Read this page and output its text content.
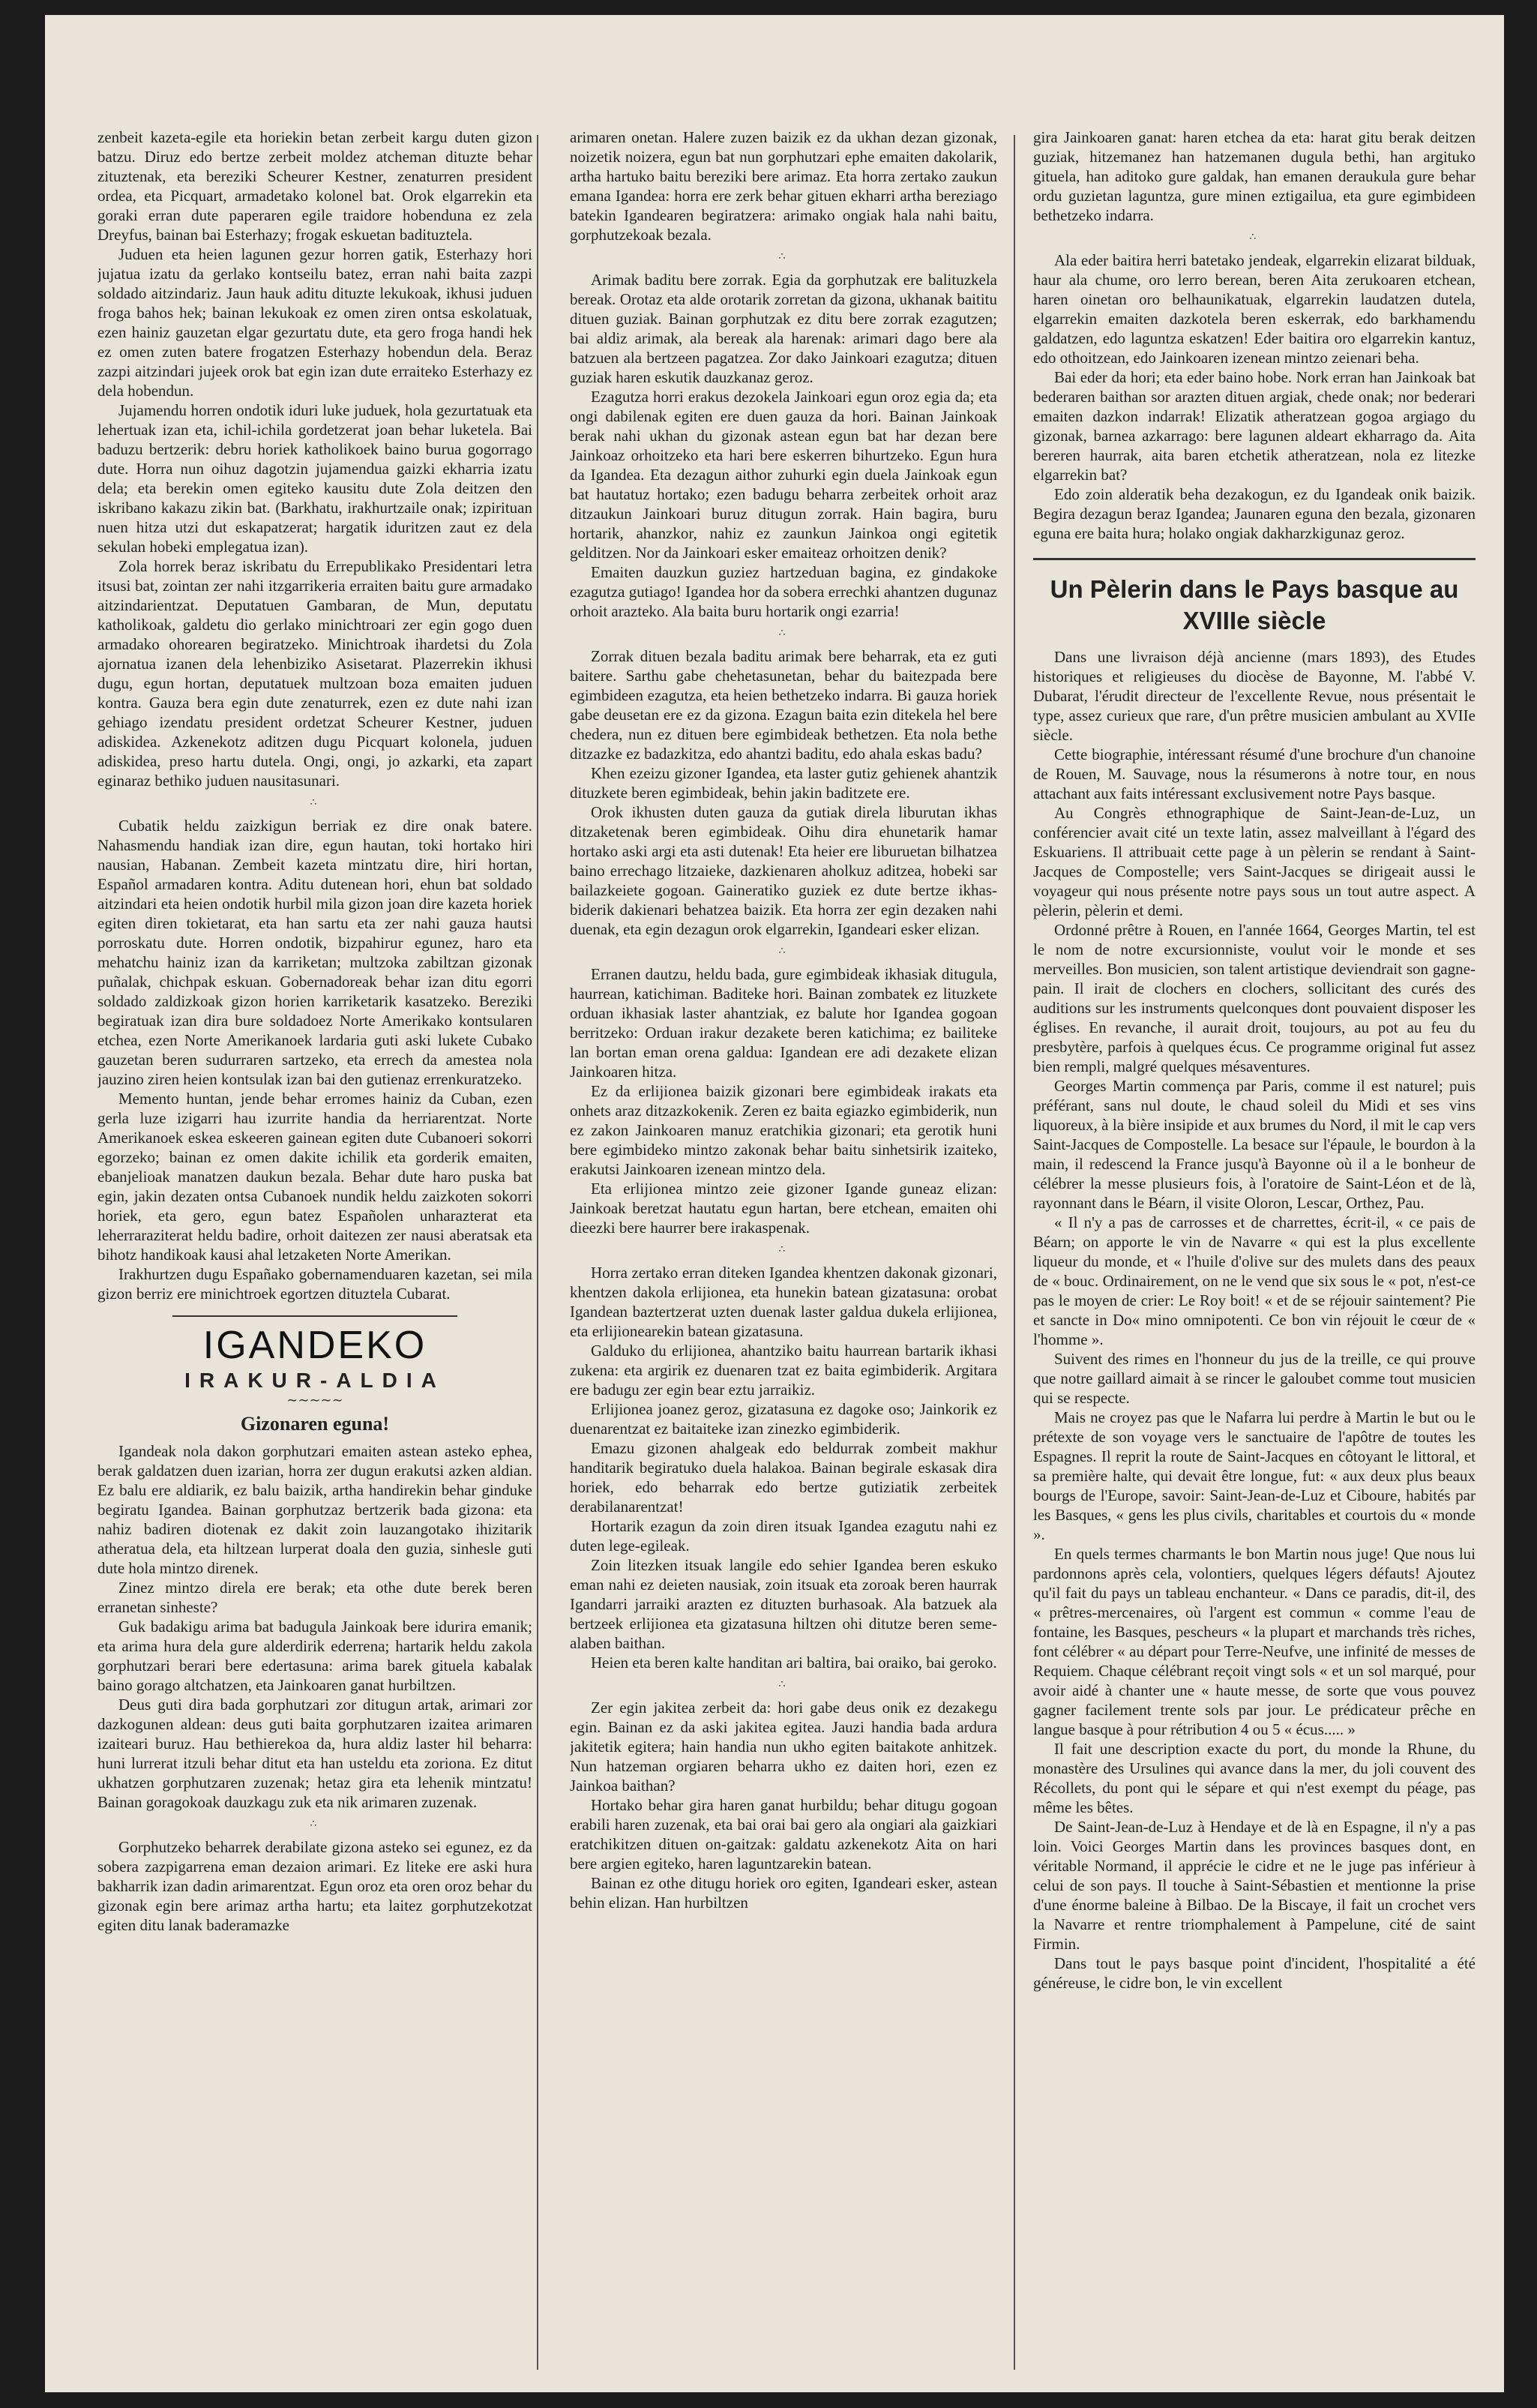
zenbeit kazeta-egile eta horiekin betan zerbeit kargu duten gizon batzu. Diruz edo bertze zerbeit moldez atcheman dituzte behar zituztenak, eta bereziki Scheurer Kestner, zenaturren president ordea, eta Picquart, armadetako kolonel bat. Orok elgarrekin eta goraki erran dute paperaren egile traidore hobenduna ez zela Dreyfus, bainan bai Esterhazy; frogak eskuetan badituztela.

Juduen eta heien lagunen gezur horren gatik, Esterhazy hori jujatua izatu da gerlako kontseilu batez, erran nahi baita zazpi soldado aitzindariz. Jaun hauk aditu dituzte lekukoak, ikhusi juduen froga bahos hek; bainan lekukoak ez omen ziren ontsa eskolatuak, ezen hainiz gauzetan elgar gezurtatu dute, eta gero froga handi hek ez omen zuten batere frogatzen Esterhazy hobendun dela. Beraz zazpi aitzindari jujeek orok bat egin izan dute erraiteko Esterhazy ez dela hobendun.

Jujamendu horren ondotik iduri luke juduek, hola gezurtatuak eta lehertuak izan eta, ichil-ichila gordetzerat joan behar luketela. Bai baduzu bertzerik: debru horiek katholikoek baino burua gogorrago dute. Horra nun oihuz dagotzin jujamendua gaizki ekharria izatu dela; eta berekin omen egiteko kausitu dute Zola deitzen den iskribano kakazu zikin bat. (Barkhatu, irakhurtzaile onak; izpirituan nuen hitza utzi dut eskapatzerat; hargatik iduritzen zaut ez dela sekulan hobeki emplegatua izan).

Zola horrek beraz iskribatu du Errepublikako Presidentari letra itsusi bat, zointan zer nahi itzgarrikeria erraiten baitu gure armadako aitzindarientzat. Deputatuen Gambaran, de Mun, deputatu katholikoak, galdetu dio gerlako minichtroari zer egin gogo duen armadako ohorearen begiratzeko. Minichtroak ihardetsi du Zola ajornatua izanen dela lehenbiziko Asisetarat. Plazerrekin ikhusi dugu, egun hortan, deputatuek multzoan boza emaiten juduen kontra. Gauza bera egin dute zenaturrek, ezen ez dute nahi izan gehiago izendatu president ordetzat Scheurer Kestner, juduen adiskidea. Azkenekotz aditzen dugu Picquart kolonela, juduen adiskidea, preso hartu dutela. Ongi, ongi, jo azkarki, eta zapart eginaraz bethiko juduen nausitasunari.

∴

Cubatik heldu zaizkigun berriak ez dire onak batere. Nahasmendu handiak izan dire, egun hautan, toki hortako hiri nausian, Habanan. Zembeit kazeta mintzatu dire, hiri hortan, Español armadaren kontra. Aditu dutenean hori, ehun bat soldado aitzindari eta heien ondotik hurbil mila gizon joan dire kazeta horiek egiten diren tokietarat, eta han sartu eta zer nahi gauza hautsi porroskatu dute. Horren ondotik, bizpahirur egunez, haro eta mehatchu hainiz izan da karriketan; multzoka zabiltzan gizonak puñalak, chichpak eskuan. Gobernadoreak behar izan ditu egorri soldado zaldizkoak gizon horien karriketarik kasatzeko. Bereziki begiratuak izan dira bure soldadoez Norte Amerikako kontsularen etchea, ezen Norte Amerikanoek lardaria guti aski lukete Cubako gauzetan beren sudurraren sartzeko, eta errech da amestea nola jauzino ziren heien kontsulak izan bai den gutienaz errenkuratzeko.

Memento huntan, jende behar erromes hainiz da Cuban, ezen gerla luze izigarri hau izurrite handia da herriarentzat. Norte Amerikanoek eskea eskeeren gainean egiten dute Cubanoeri sokorri egorzeko; bainan ez omen dakite ichilik eta gorderik emaiten, ebanjelioak manatzen daukun bezala. Behar dute haro puska bat egin, jakin dezaten ontsa Cubanoek nundik heldu zaizkoten sokorri horiek, eta gero, egun batez Españolen unharazterat eta leherraraziterat heldu badire, orhoit daitezen zer nausi aberatsak eta bihotz handikoak kausi ahal letzaketen Norte Amerikan.

Irakhurtzen dugu Españako gobernamenduaren kazetan, sei mila gizon berriz ere minichtroek egortzen dituztela Cubarat.

IGANDEKO
IRAKUR-ALDIA
∼∼∼∼∼
Gizonaren eguna!

Igandeak nola dakon gorphutzari emaiten astean asteko ephea, berak galdatzen duen izarian, horra zer dugun erakutsi azken aldian. Ez balu ere aldiarik, ez balu baizik, artha handirekin behar ginduke begiratu Igandea. Bainan gorphutzaz bertzerik bada gizona: eta nahiz badiren diotenak ez dakit zoin lauzangotako ihizitarik atheratua dela, eta hiltzean lurperat doala den guzia, sinhesle guti dute hola mintzo direnek.

Zinez mintzo direla ere berak; eta othe dute berek beren erranetan sinheste?

Guk badakigu arima bat badugula Jainkoak bere idurira emanik; eta arima hura dela gure alderdirik ederrena; hartarik heldu zakola gorphutzari berari bere edertasuna: arima barek gituela kabalak baino gorago altchatzen, eta Jainkoaren ganat hurbiltzen.

Deus guti dira bada gorphutzari zor ditugun artak, arimari zor dazkogunen aldean: deus guti baita gorphutzaren izaitea arimaren izaiteari buruz. Hau bethierekoa da, hura aldiz laster hil beharra: huni lurrerat itzuli behar ditut eta han usteldu eta zoriona. Ez ditut ukhatzen gorphutzaren zuzenak; hetaz gira eta lehenik mintzatu! Bainan goragokoak dauzkagu zuk eta nik arimaren zuzenak.

∴

Gorphutzeko beharrek derabilate gizona asteko sei egunez, ez da sobera zazpigarrena eman dezaion arimari. Ez liteke ere aski hura bakharrik izan dadin arimarentzat. Egun oroz eta oren oroz behar du gizonak egin bere arimaz artha hartu; eta laitez gorphutzekotzat egiten ditu lanak baderamazke

arimaren onetan. Halere zuzen baizik ez da ukhan dezan gizonak, noizetik noizera, egun bat nun gorphutzari ephe emaiten dakolarik, artha hartuko baitu bereziki bere arimaz. Eta horra zertako zaukun emana Igandea: horra ere zerk behar gituen ekharri artha bereziago batekin Igandearen begiratzera: arimako ongiak hala nahi baitu, gorphutzekoak bezala.

∴

Arimak baditu bere zorrak. Egia da gorphutzak ere balituzkela bereak. Orotaz eta alde orotarik zorretan da gizona, ukhanak baititu dituen guziak. Bainan gorphutzak ez ditu bere zorrak ezagutzen; bai aldiz arimak, ala bereak ala harenak: arimari dago bere ala batzuen ala bertzeen pagatzea. Zor dako Jainkoari ezagutza; dituen guziak haren eskutik dauzkanaz geroz.

Ezagutza horri erakus dezokela Jainkoari egun oroz egia da; eta ongi dabilenak egiten ere duen gauza da hori. Bainan Jainkoak berak nahi ukhan du gizonak astean egun bat har dezan bere Jainkoaz orhoitzeko eta hari bere eskerren bihurtzeko. Egun hura da Igandea. Eta dezagun aithor zuhurki egin duela Jainkoak egun bat hautatuz hortako; ezen badugu beharra zerbeitek orhoit araz ditzaukun Jainkoari buruz ditugun zorrak. Hain bagira, buru hortarik, ahanzkor, nahiz ez zaunkun Jainkoa ongi egitetik gelditzen. Nor da Jainkoari esker emaiteaz orhoitzen denik?

Emaiten dauzkun guziez hartzeduan bagina, ez gindakoke ezagutza gutiago! Igandea hor da sobera errechki ahantzen dugunaz orhoit arazteko. Ala baita buru hortarik ongi ezarria!

∴

Zorrak dituen bezala baditu arimak bere beharrak, eta ez guti baitere. Sarthu gabe chehetasunetan, behar du baitezpada bere egimbideen ezagutza, eta heien bethetzeko indarra. Bi gauza horiek gabe deusetan ere ez da gizona. Ezagun baita ezin ditekela hel bere chedera, nun ez dituen bere egimbideak bethetzen. Eta nola bethe ditzazke ez badazkitza, edo ahantzi baditu, edo ahala eskas badu?

Khen ezeizu gizoner Igandea, eta laster gutiz gehienek ahantzik dituzkete beren egimbideak, behin jakin baditzete ere.

Orok ikhusten duten gauza da gutiak direla liburutan ikhas ditzaketenak beren egimbideak. Oihu dira ehunetarik hamar hortako aski argi eta asti dutenak! Eta heier ere liburuetan bilhatzea baino errechago litzaieke, dazkienaren aholkuz aditzea, hobeki sar bailazkeiete gogoan. Gaineratiko guziek ez dute bertze ikhas-biderik dakienari behatzea baizik. Eta horra zer egin dezaken nahi duenak, eta egin dezagun orok elgarrekin, Igandeari esker elizan.

∴

Erranen dautzu, heldu bada, gure egimbideak ikhasiak ditugula, haurrean, katichiman. Baditeke hori. Bainan zombatek ez lituzkete orduan ikhasiak laster ahantziak, ez balute hor Igandea gogoan berritzeko: Orduan irakur dezakete beren katichima; ez bailiteke lan bortan eman orena galdua: Igandean ere adi dezakete elizan Jainkoaren hitza.

Ez da erlijionea baizik gizonari bere egimbideak irakats eta onhets araz ditzazkokenik. Zeren ez baita egiazko egimbiderik, nun ez zakon Jainkoaren manuz eratchikia gizonari; eta gerotik huni bere egimbideko mintzo zakonak behar baitu sinhetsirik izaiteko, erakutsi Jainkoaren izenean mintzo dela.

Eta erlijionea mintzo zeie gizoner Igande guneaz elizan: Jainkoak beretzat hautatu egun hartan, bere etchean, emaiten ohi dieezki bere haurrer bere irakaspenak.

∴

Horra zertako erran diteken Igandea khentzen dakonak gizonari, khentzen dakola erlijionea, eta hunekin batean gizatasuna: orobat Igandean baztertzerat uzten duenak laster galdua dukela erlijionea, eta erlijionearekin batean gizatasuna.

Galduko du erlijionea, ahantziko baitu haurrean bartarik ikhasi zukena: eta argirik ez duenaren tzat ez baita egimbiderik. Argitara ere badugu zer egin bear eztu jarraikiz.

Erlijionea joanez geroz, gizatasuna ez dagoke oso; Jainkorik ez duenarentzat ez baitaiteke izan zinezko egimbiderik.

Emazu gizonen ahalgeak edo beldurrak zombeit makhur handitarik begiratuko duela halakoa. Bainan begirale eskasak dira horiek, edo beharrak edo bertze gutiziatik zerbeitek derabilanarentzat!

Hortarik ezagun da zoin diren itsuak Igandea ezagutu nahi ez duten lege-egileak.

Zoin litezken itsuak langile edo sehier Igandea beren eskuko eman nahi ez deieten nausiak, zoin itsuak eta zoroak beren haurrak Igandarri jarraiki arazten ez dituzten burhasoak. Ala batzuek ala bertzeek erlijionea eta gizatasuna hiltzen ohi ditutze beren seme-alaben baithan.

Heien eta beren kalte handitan ari baltira, bai oraiko, bai geroko.

∴

Zer egin jakitea zerbeit da: hori gabe deus onik ez dezakegu egin. Bainan ez da aski jakitea egitea. Jauzi handia bada ardura jakitetik egitera; hain handia nun ukho egiten baitakote anhitzek. Nun hatzeman orgiaren beharra ukho ez daiten hori, ezen ez Jainkoa baithan?

Hortako behar gira haren ganat hurbildu; behar ditugu gogoan erabili haren zuzenak, eta bai orai bai gero ala ongiari ala gaizkiari eratchikitzen dituen on-gaitzak: galdatu azkenekotz Aita on hari bere argien egiteko, haren laguntzarekin batean.

Bainan ez othe ditugu horiek oro egiten, Igandeari esker, astean behin elizan. Han hurbiltzen

gira Jainkoaren ganat: haren etchea da eta: harat gitu berak deitzen guziak, hitzemanez han hatzemanen dugula bethi, han argituko gituela, han aditoko gure galdak, han emanen deraukula gure behar ordu guzietan laguntza, gure minen eztigailua, eta gure egimbideen bethetzeko indarra.

∴

Ala eder baitira herri batetako jendeak, elgarrekin elizarat bilduak, haur ala chume, oro lerro berean, beren Aita zerukoaren etchean, haren oinetan oro belhaunikatuak, elgarrekin laudatzen dutela, elgarrekin emaiten dazkotela beren eskerrak, edo barkhamendu galdatzen, edo laguntza eskatzen! Eder baitira oro elgarrekin kantuz, edo othoitzean, edo Jainkoaren izenean mintzo zeienari beha.

Bai eder da hori; eta eder baino hobe. Nork erran han Jainkoak bat bederaren baithan sor arazten dituen argiak, chede onak; nor bederari emaiten dazkon indarrak! Elizatik atheratzean gogoa argiago du gizonak, barnea azkarrago: bere lagunen aldeart ekharrago da. Aita bereren haurrak, aita baren etchetik atheratzean, nola ez litezke elgarrekin bat?

Edo zoin alderatik beha dezakogun, ez du Igandeak onik baizik. Begira dezagun beraz Igandea; Jaunaren eguna den bezala, gizonaren eguna ere baita hura; holako ongiak dakharzkigunaz geroz.

Un Pèlerin dans le Pays basque au XVIIIe siècle

Dans une livraison déjà ancienne (mars 1893), des Etudes historiques et religieuses du diocèse de Bayonne, M. l'abbé V. Dubarat, l'érudit directeur de l'excellente Revue, nous présentait le type, assez curieux que rare, d'un prêtre musicien ambulant au XVIIe siècle.

Cette biographie, intéressant résumé d'une brochure d'un chanoine de Rouen, M. Sauvage, nous la résumerons à notre tour, en nous attachant aux faits intéressant exclusivement notre Pays basque.

Au Congrès ethnographique de Saint-Jean-de-Luz, un conférencier avait cité un texte latin, assez malveillant à l'égard des Eskuariens. Il attribuait cette page à un pèlerin se rendant à Saint-Jacques de Compostelle; vers Saint-Jacques se dirigeait aussi le voyageur qui nous présente notre pays sous un tout autre aspect. A pèlerin, pèlerin et demi.

Ordonné prêtre à Rouen, en l'année 1664, Georges Martin, tel est le nom de notre excursionniste, voulut voir le monde et ses merveilles. Bon musicien, son talent artistique deviendrait son gagne-pain. Il irait de clochers en clochers, sollicitant des curés des auditions sur les instruments quelconques dont pouvaient disposer les églises. En revanche, il aurait droit, toujours, au pot au feu du presbytère, parfois à quelques écus. Ce programme original fut assez bien rempli, malgré quelques mésaventures.

Georges Martin commença par Paris, comme il est naturel; puis préférant, sans nul doute, le chaud soleil du Midi et ses vins liquoreux, à la bière insipide et aux brumes du Nord, il mit le cap vers Saint-Jacques de Compostelle. La besace sur l'épaule, le bourdon à la main, il redescend la France jusqu'à Bayonne où il a le bonheur de célébrer la messe plusieurs fois, à l'oratoire de Saint-Léon et de là, rayonnant dans le Béarn, il visite Oloron, Lescar, Orthez, Pau.

« Il n'y a pas de carrosses et de charrettes, écrit-il, « ce pais de Béarn; on apporte le vin de Navarre « qui est la plus excellente liqueur du monde, et « l'huile d'olive sur des mulets dans des peaux de « bouc. Ordinairement, on ne le vend que six sous le « pot, n'est-ce pas le moyen de crier: Le Roy boit! « et de se réjouir saintement? Pie et sancte in Do« mino omnipotenti. Ce bon vin réjouit le cœur de « l'homme ».

Suivent des rimes en l'honneur du jus de la treille, ce qui prouve que notre gaillard aimait à se rincer le galoubet comme tout musicien qui se respecte.

Mais ne croyez pas que le Nafarra lui perdre à Martin le but ou le prétexte de son voyage vers le sanctuaire de l'apôtre de toutes les Espagnes. Il reprit la route de Saint-Jacques en côtoyant le littoral, et sa première halte, qui devait être longue, fut: « aux deux plus beaux bourgs de l'Europe, savoir: Saint-Jean-de-Luz et Ciboure, habités par les Basques, « gens les plus civils, charitables et courtois du « monde ».

En quels termes charmants le bon Martin nous juge! Que nous lui pardonnons après cela, volontiers, quelques légers défauts! Ajoutez qu'il fait du pays un tableau enchanteur. « Dans ce paradis, dit-il, des « prêtres-mercenaires, où l'argent est commun « comme l'eau de fontaine, les Basques, pescheurs « la plupart et marchands très riches, font célébrer « au départ pour Terre-Neufve, une infinité de messes de Requiem. Chaque célébrant reçoit vingt sols « et un sol marqué, pour avoir aidé à chanter une « haute messe, de sorte que vous pouvez gagner facilement trente sols par jour. Le prédicateur prêche en langue basque à pour rétribution 4 ou 5 « écus..... »

Il fait une description exacte du port, du monde la Rhune, du monastère des Ursulines qui avance dans la mer, du joli couvent des Récollets, du pont qui le sépare et qui n'est exempt du péage, pas même les bêtes.

De Saint-Jean-de-Luz à Hendaye et de là en Espagne, il n'y a pas loin. Voici Georges Martin dans les provinces basques dont, en véritable Normand, il apprécie le cidre et ne le juge pas inférieur à celui de son pays. Il touche à Saint-Sébastien et mentionne la prise d'une énorme baleine à Bilbao. De la Biscaye, il fait un crochet vers la Navarre et rentre triomphalement à Pampelune, cité de saint Firmin.

Dans tout le pays basque point d'incident, l'hospitalité a été généreuse, le cidre bon, le vin excellent
